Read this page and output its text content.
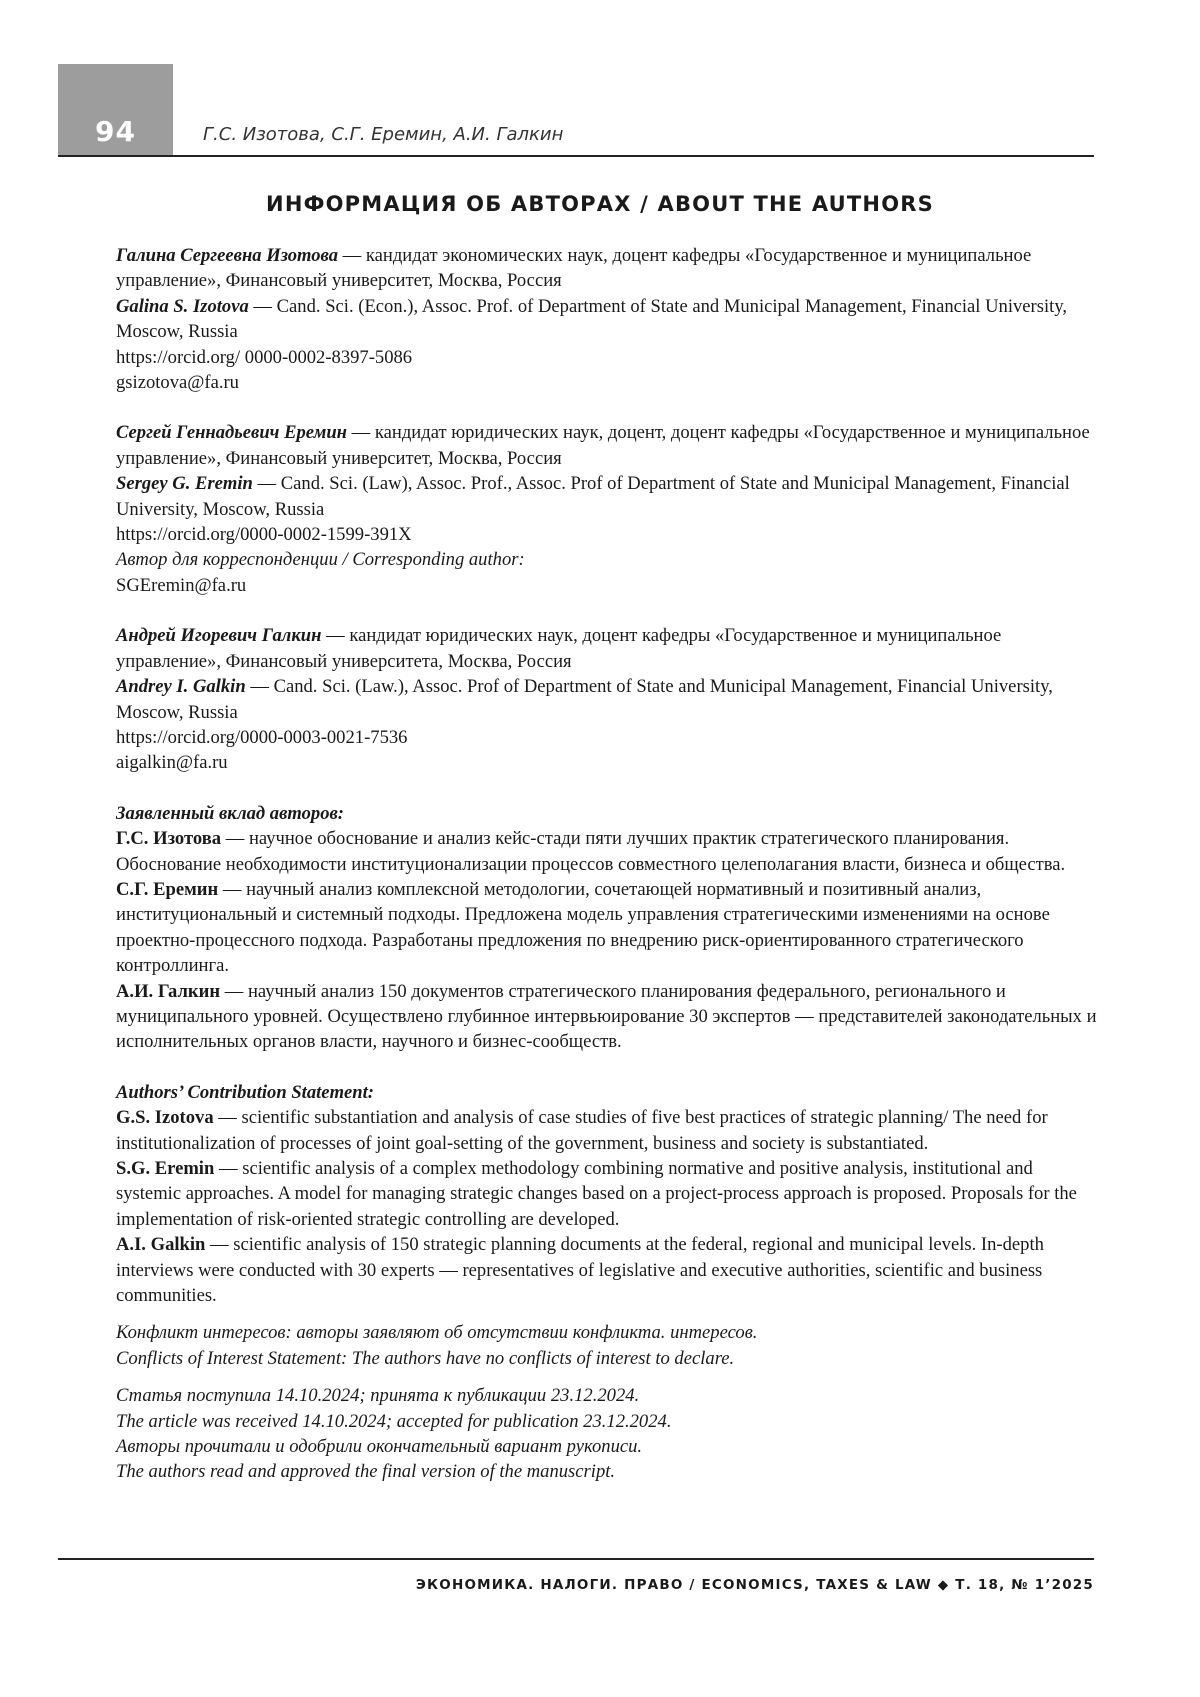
94	Г.С. Изотова, С.Г. Еремин, А.И. Галкин
ИНФОРМАЦИЯ ОБ АВТОРАХ / ABOUT THE AUTHORS

Галина Сергеевна Изотова — кандидат экономических наук, доцент кафедры «Государственное и муниципальное управление», Финансовый университет, Москва, Россия

Galina S. Izotova — Cand. Sci. (Econ.), Assoc. Prof. of Department of State and Municipal Management, Financial University, Moscow, Russia

https://orcid.org/ 0000-0002-8397-5086

gsizotova@fa.ru

Сергей Геннадьевич Еремин — кандидат юридических наук, доцент, доцент кафедры «Государственное и муниципальное управление», Финансовый университет, Москва, Россия

Sergey G. Eremin — Cand. Sci. (Law), Assoc. Prof., Assoc. Prof of Department of State and Municipal Management, Financial University, Moscow, Russia

https://orcid.org/0000-0002-1599-391X

Автор для корреспонденции / Corresponding author:

SGEremin@fa.ru

Андрей Игоревич Галкин — кандидат юридических наук, доцент кафедры «Государственное и муниципальное управление», Финансовый университета, Москва, Россия

Andrey I. Galkin — Cand. Sci. (Law.), Assoc. Prof of Department of State and Municipal Management, Financial University, Moscow, Russia

https://orcid.org/0000-0003-0021-7536

aigalkin@fa.ru

Заявленный вклад авторов:

Г.С. Изотова — научное обоснование и анализ кейс-стади пяти лучших практик стратегического планирования. Обоснование необходимости институционализации процессов совместного целеполагания власти, бизнеса и общества.

С.Г. Еремин — научный анализ комплексной методологии, сочетающей нормативный и позитивный анализ, институциональный и системный подходы. Предложена модель управления стратегическими изменениями на основе проектно-процессного подхода. Разработаны предложения по внедрению риск-ориентированного стратегического контроллинга.

А.И. Галкин — научный анализ 150 документов стратегического планирования федерального, регионального и муниципального уровней. Осуществлено глубинное интервьюирование 30 экспертов — представителей законодательных и исполнительных органов власти, научного и бизнес-сообществ.

Authors’ Contribution Statement:

G.S. Izotova — scientific substantiation and analysis of case studies of five best practices of strategic planning/ The need for institutionalization of processes of joint goal-setting of the government, business and society is substantiated.

S.G. Eremin — scientific analysis of a complex methodology combining normative and positive analysis, institutional and systemic approaches. A model for managing strategic changes based on a project-process approach is proposed. Proposals for the implementation of risk-oriented strategic controlling are developed.

A.I. Galkin — scientific analysis of 150 strategic planning documents at the federal, regional and municipal levels. In-depth interviews were conducted with 30 experts — representatives of legislative and executive authorities, scientific and business communities.

Конфликт интересов: авторы заявляют об отсутствии конфликта. интересов.

Conflicts of Interest Statement: The authors have no conflicts of interest to declare.

Статья поступила 14.10.2024; принята к публикации 23.12.2024.

The article was received 14.10.2024; accepted for publication 23.12.2024.

Авторы прочитали и одобрили окончательный вариант рукописи.

The authors read and approved the final version of the manuscript.

ЭКОНОМИКА. НАЛОГИ. ПРАВО / ECONOMICS, TAXES & LAW ◆ Т. 18, № 1’2025
